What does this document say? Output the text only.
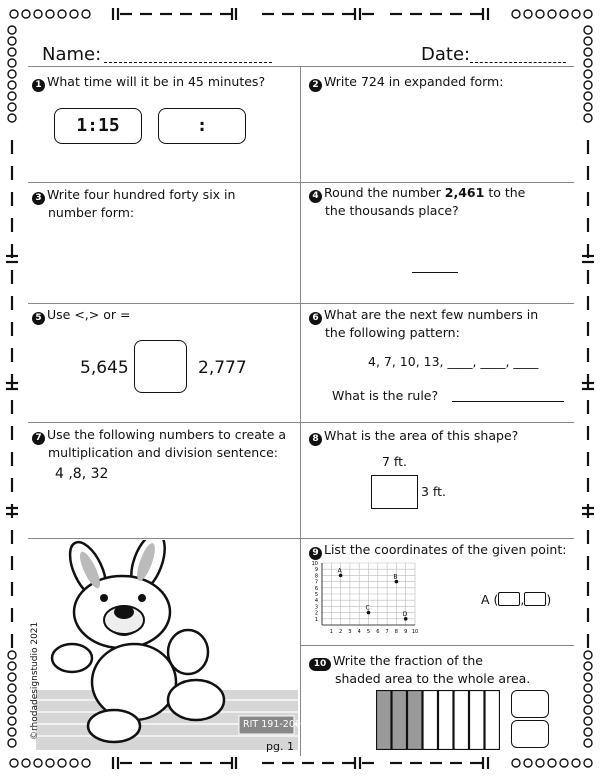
Name:	Date:
1 What time will it be in 45 minutes?
1:15	:
2 Write 724 in expanded form:
3 Write four hundred forty six in
number form:
4 Round the number 2,461 to the
the thousands place?
5 Use <,> or =
5,645	2,777
6 What are the next few numbers in
the following pattern:
4, 7, 10, 13, ____, ____, ____
What is the rule?
7 Use the following numbers to create a
multiplication and division sentence:
4 ,8, 32
8 What is the area of this shape?
7 ft.
3 ft.
9 List the coordinates of the given point:
1
1
2
2
3
3
4
4
5
5
6
6
7
7
8
8
9
9
10
10
A
B
C
D
A ( , )
10 Write the fraction of the
shaded area to the whole area.
RIT 191-200
pg. 1
©rhodadesignstudio 2021
